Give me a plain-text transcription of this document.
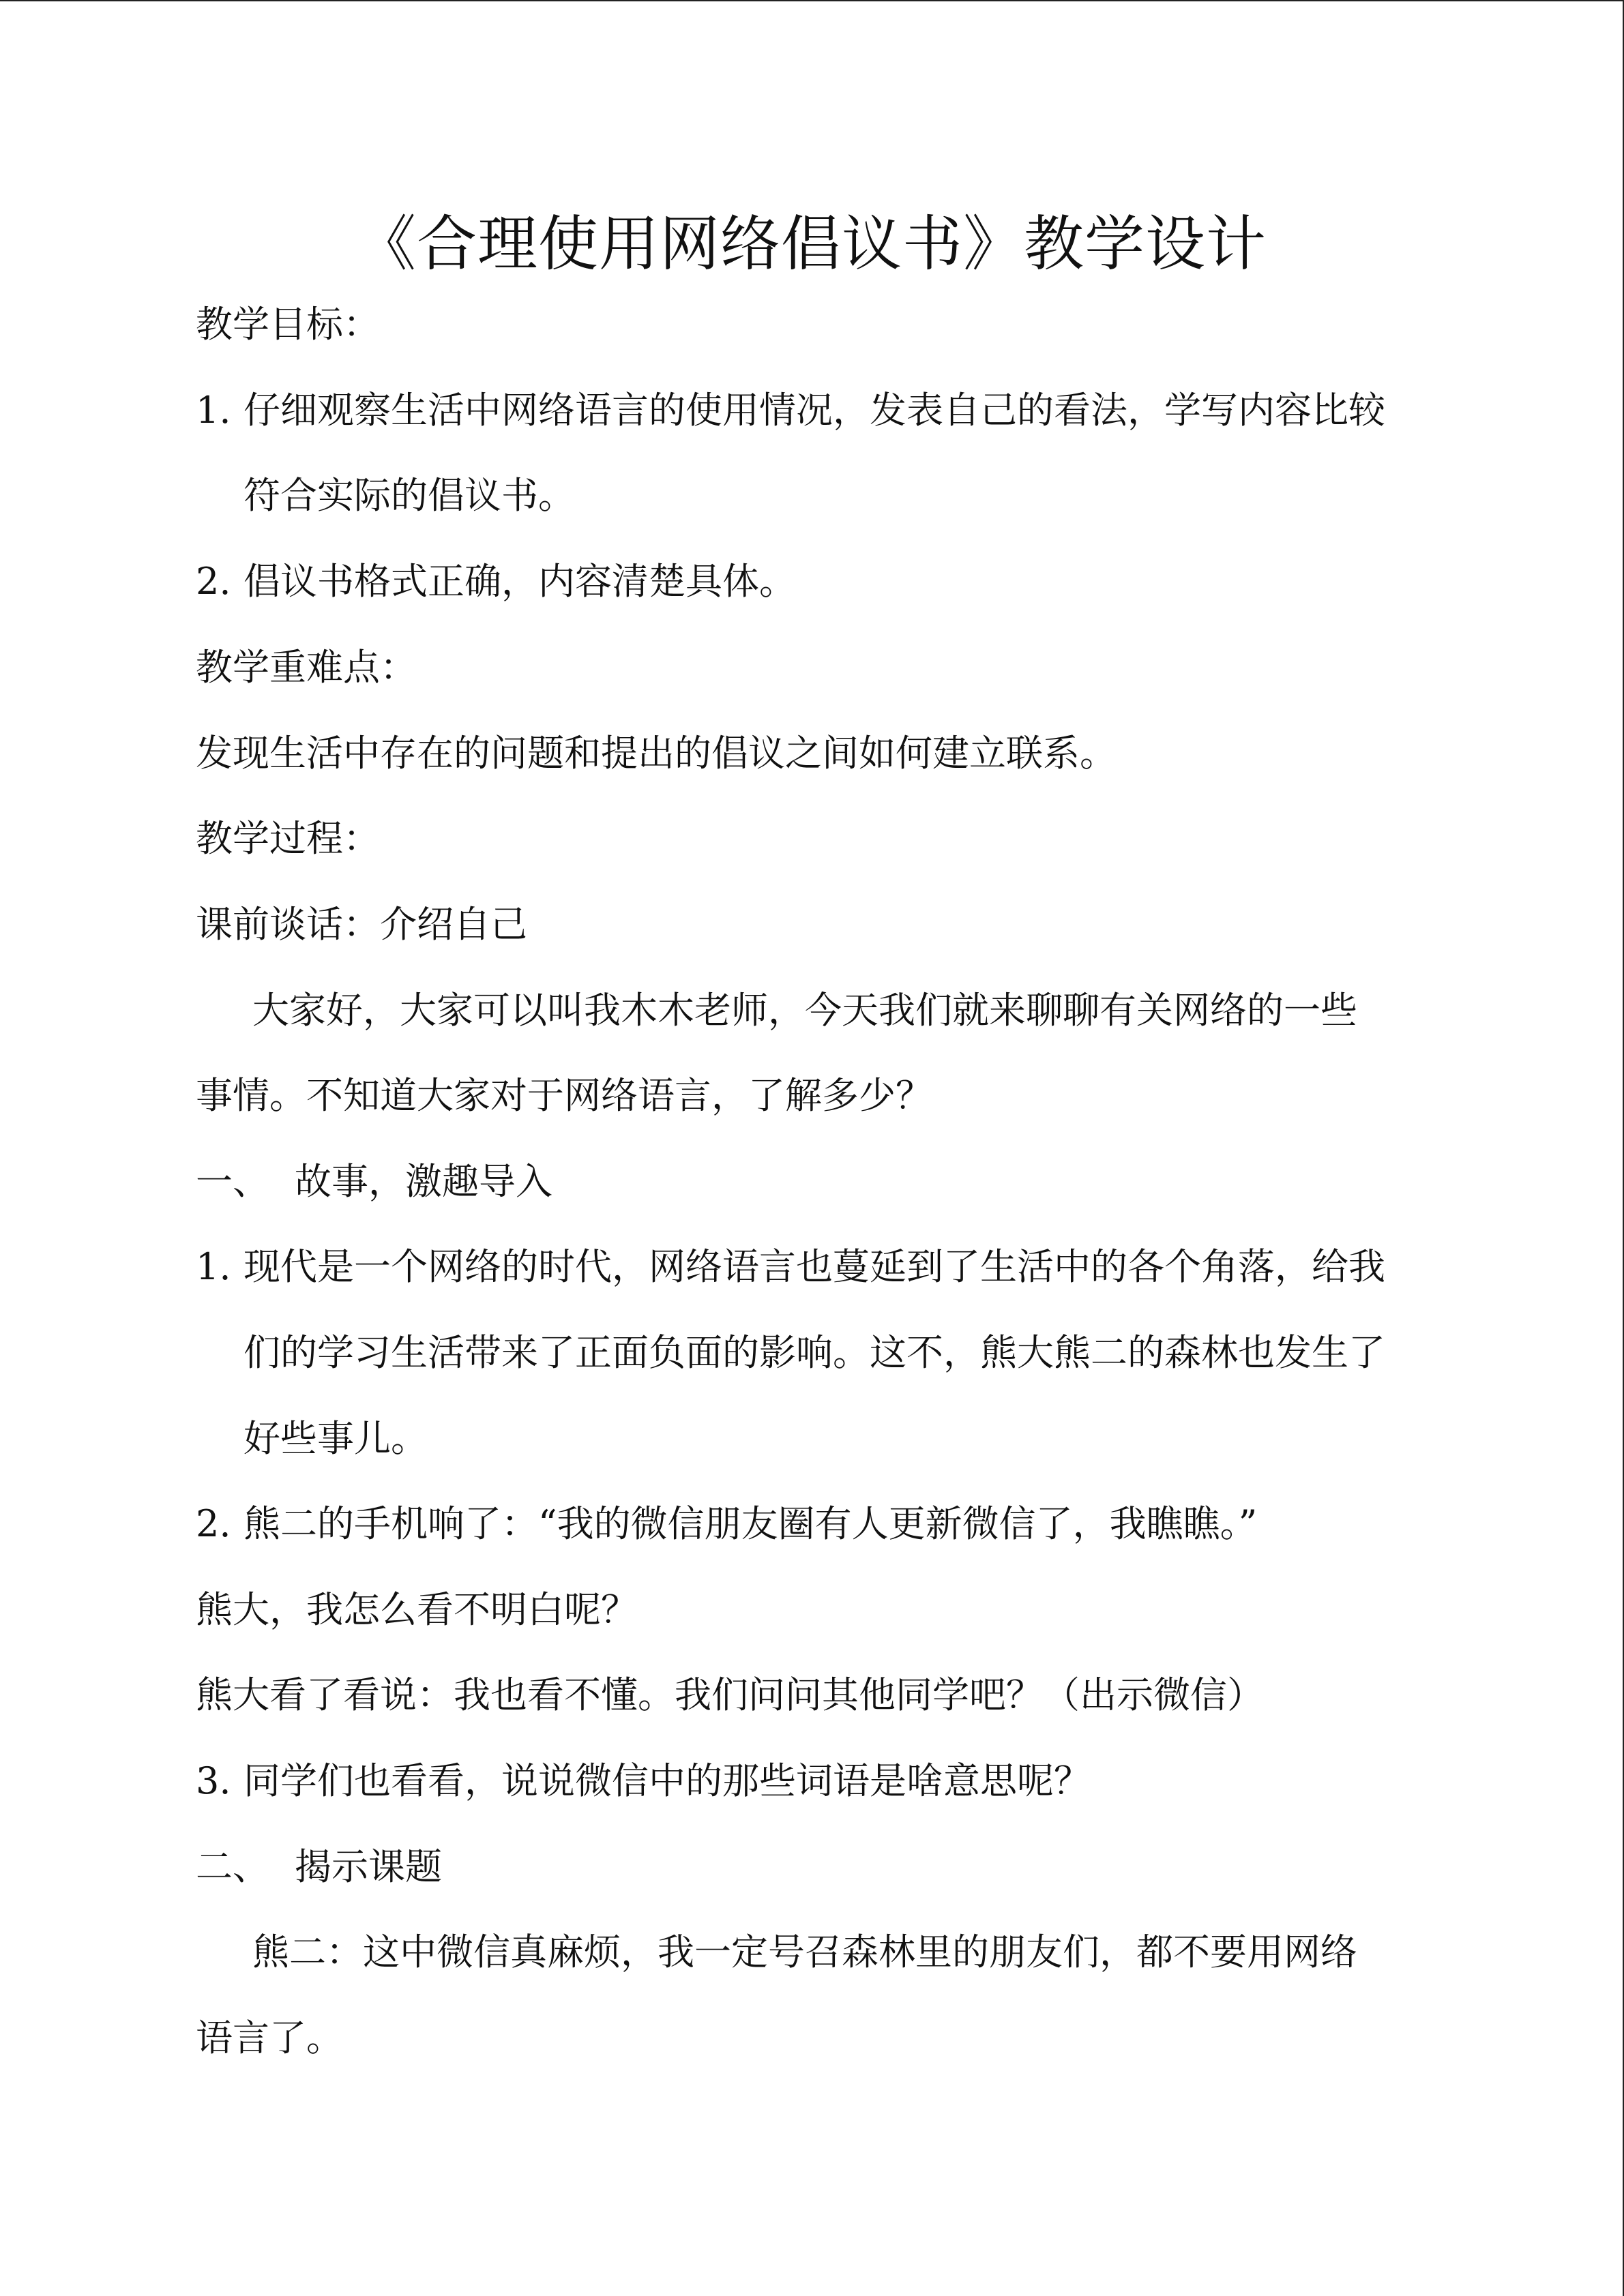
《合理使用网络倡议书》教学设计
教学目标：
1. 仔细观察生活中网络语言的使用情况，发表自己的看法，学写内容比较
符合实际的倡议书。
2. 倡议书格式正确，内容清楚具体。
教学重难点：
发现生活中存在的问题和提出的倡议之间如何建立联系。
教学过程：
课前谈话：介绍自己
大家好，大家可以叫我木木老师，今天我们就来聊聊有关网络的一些
事情。不知道大家对于网络语言，了解多少？
一、 故事，激趣导入
1. 现代是一个网络的时代，网络语言也蔓延到了生活中的各个角落，给我
们的学习生活带来了正面负面的影响。这不，熊大熊二的森林也发生了
好些事儿。
2. 熊二的手机响了：“我的微信朋友圈有人更新微信了，我瞧瞧。”
熊大，我怎么看不明白呢？
熊大看了看说：我也看不懂。我们问问其他同学吧？（出示微信）
3. 同学们也看看，说说微信中的那些词语是啥意思呢？
二、 揭示课题
熊二：这中微信真麻烦，我一定号召森林里的朋友们，都不要用网络
语言了。
